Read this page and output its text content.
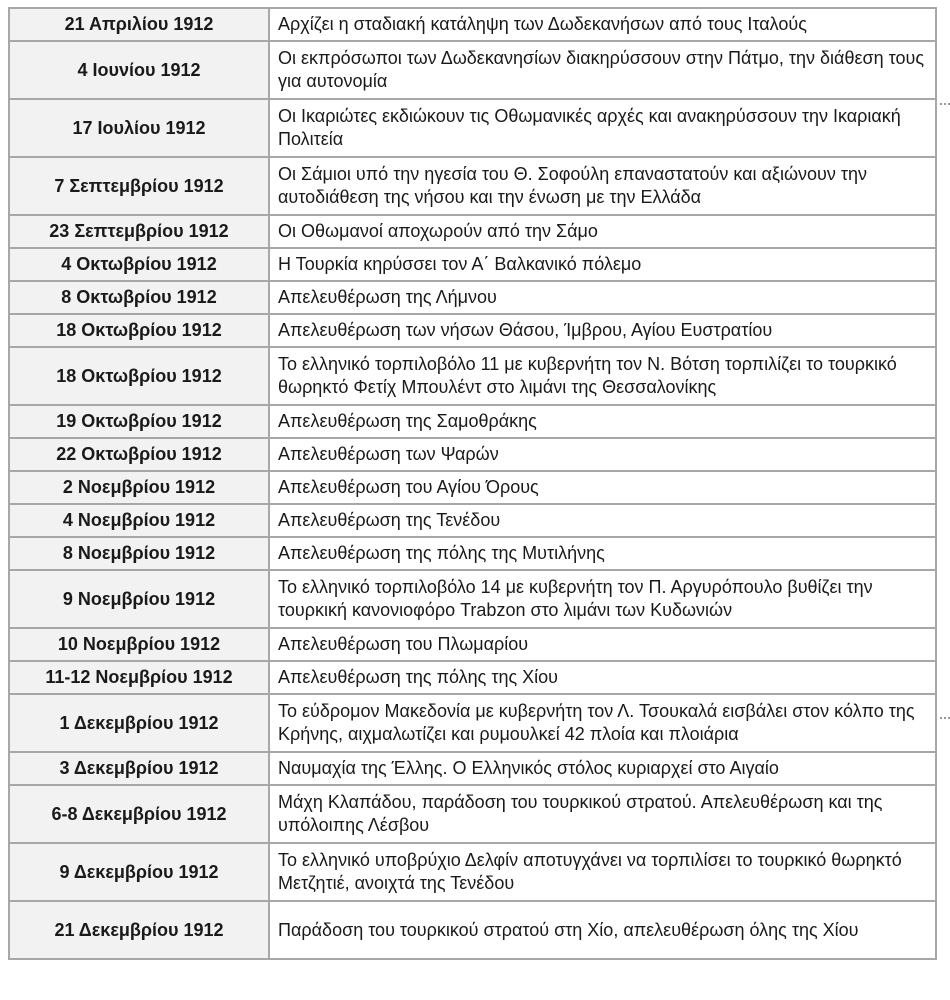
21 Απριλίου 1912	Αρχίζει η σταδιακή κατάληψη των Δωδεκανήσων από τους Ιταλούς
4 Ιουνίου 1912	Οι εκπρόσωποι των Δωδεκανησίων διακηρύσσουν στην Πάτμο, την διάθεση τους για αυτονομία
17 Ιουλίου 1912	Οι Ικαριώτες εκδιώκουν τις Οθωμανικές αρχές και ανακηρύσσουν την Ικαριακή Πολιτεία
7 Σεπτεμβρίου 1912	Οι Σάμιοι υπό την ηγεσία του Θ. Σοφούλη επαναστατούν και αξιώνουν την αυτοδιάθεση της νήσου και την ένωση με την Ελλάδα
23 Σεπτεμβρίου 1912	Οι Οθωμανοί αποχωρούν από την Σάμο
4 Οκτωβρίου 1912	Η Τουρκία κηρύσσει τον Α΄ Βαλκανικό πόλεμο
8 Οκτωβρίου 1912	Απελευθέρωση της Λήμνου
18 Οκτωβρίου 1912	Απελευθέρωση των νήσων Θάσου, Ίμβρου, Αγίου Ευστρατίου
18 Οκτωβρίου 1912	Το ελληνικό τορπιλοβόλο 11 με κυβερνήτη τον Ν. Βότση τορπιλίζει το τουρκικό θωρηκτό Φετίχ Μπουλέντ στο λιμάνι της Θεσσαλονίκης
19 Οκτωβρίου 1912	Απελευθέρωση της Σαμοθράκης
22 Οκτωβρίου 1912	Απελευθέρωση των Ψαρών
2 Νοεμβρίου 1912	Απελευθέρωση του Αγίου Όρους
4 Νοεμβρίου 1912	Απελευθέρωση της Τενέδου
8 Νοεμβρίου 1912	Απελευθέρωση της πόλης της Μυτιλήνης
9 Νοεμβρίου 1912	Το ελληνικό τορπιλοβόλο 14 με κυβερνήτη τον Π. Αργυρόπουλο βυθίζει την τουρκική κανονιοφόρο Trabzon στο λιμάνι των Κυδωνιών
10 Νοεμβρίου 1912	Απελευθέρωση του Πλωμαρίου
11-12 Νοεμβρίου 1912	Απελευθέρωση της πόλης της Χίου
1 Δεκεμβρίου 1912	Το εύδρομον Μακεδονία με κυβερνήτη τον Λ. Τσουκαλά εισβάλει στον κόλπο της Κρήνης, αιχμαλωτίζει και ρυμουλκεί 42 πλοία και πλοιάρια
3 Δεκεμβρίου 1912	Ναυμαχία της Έλλης. Ο Ελληνικός στόλος κυριαρχεί στο Αιγαίο
6-8 Δεκεμβρίου 1912	Μάχη Κλαπάδου, παράδοση του τουρκικού στρατού. Απελευθέρωση και της υπόλοιπης Λέσβου
9 Δεκεμβρίου 1912	Το ελληνικό υποβρύχιο Δελφίν αποτυγχάνει να τορπιλίσει το τουρκικό θωρηκτό Μετζητιέ, ανοιχτά της Τενέδου
21 Δεκεμβρίου 1912	Παράδοση του τουρκικού στρατού στη Χίο, απελευθέρωση όλης της Χίου
